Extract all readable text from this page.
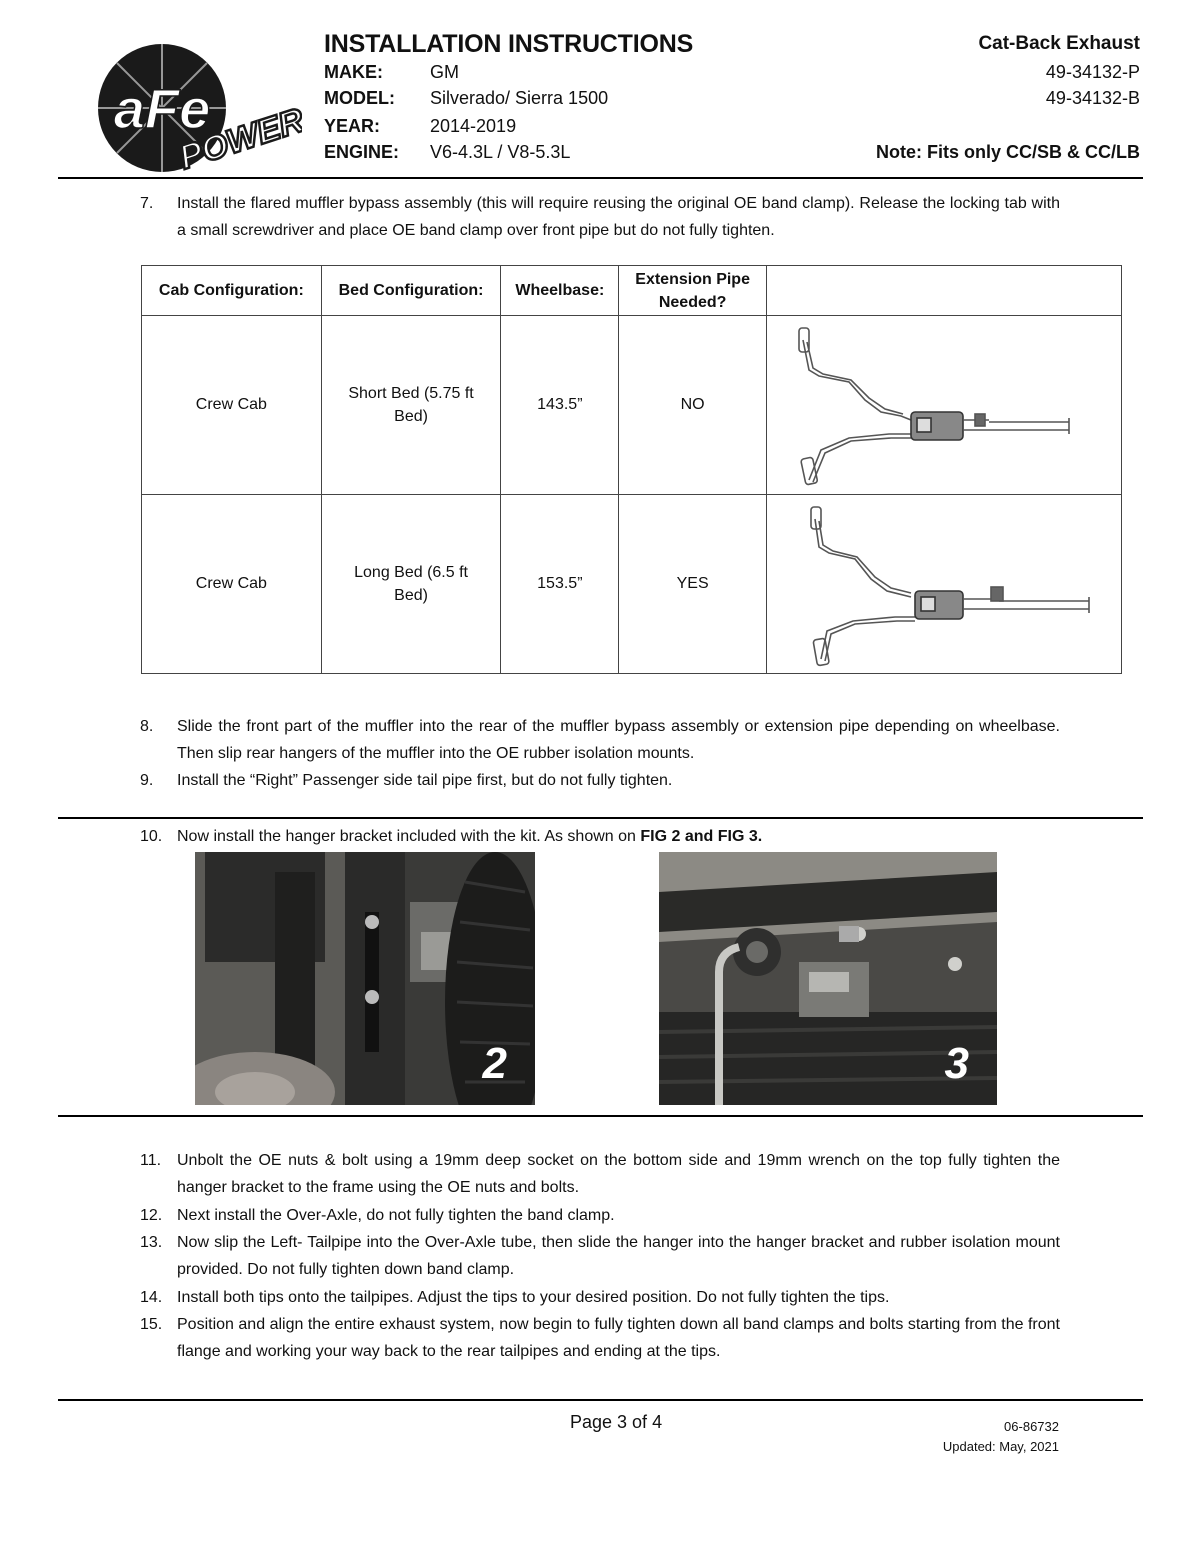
aFe
POWER
INSTALLATION INSTRUCTIONS
MAKE:	GM
MODEL: Silverado/ Sierra 1500
YEAR:	2014-2019
ENGINE: V6-4.3L / V8-5.3L
Cat-Back Exhaust
49-34132-P
49-34132-B
Note: Fits only CC/SB & CC/LB
7.	Install the flared muffler bypass assembly (this will require reusing the original OE band clamp). Release the locking tab with a small screwdriver and place OE band clamp over front pipe but do not fully tighten.
Cab Configuration:	Bed Configuration:	Wheelbase:	Extension Pipe Needed?	
Crew Cab	Short Bed (5.75 ft Bed)	143.5”	NO	

Crew Cab	Long Bed (6.5 ft Bed)	153.5”	YES	
8.	Slide the front part of the muffler into the rear of the muffler bypass assembly or extension pipe depending on wheelbase. Then slip rear hangers of the muffler into the OE rubber isolation mounts.
9.	Install the “Right” Passenger side tail pipe first, but do not fully tighten.
10. Now install the hanger bracket included with the kit. As shown on FIG 2 and FIG 3.
2	3
11. Unbolt the OE nuts & bolt using a 19mm deep socket on the bottom side and 19mm wrench on the top fully tighten the hanger bracket to the frame using the OE nuts and bolts.
12. Next install the Over-Axle, do not fully tighten the band clamp.
13. Now slip the Left- Tailpipe into the Over-Axle tube, then slide the hanger into the hanger bracket and rubber isolation mount provided. Do not fully tighten down band clamp.
14. Install both tips onto the tailpipes. Adjust the tips to your desired position. Do not fully tighten the tips.
15. Position and align the entire exhaust system, now begin to fully tighten down all band clamps and bolts starting from the front flange and working your way back to the rear tailpipes and ending at the tips.
Page 3 of 4	06-86732
Updated: May, 2021
